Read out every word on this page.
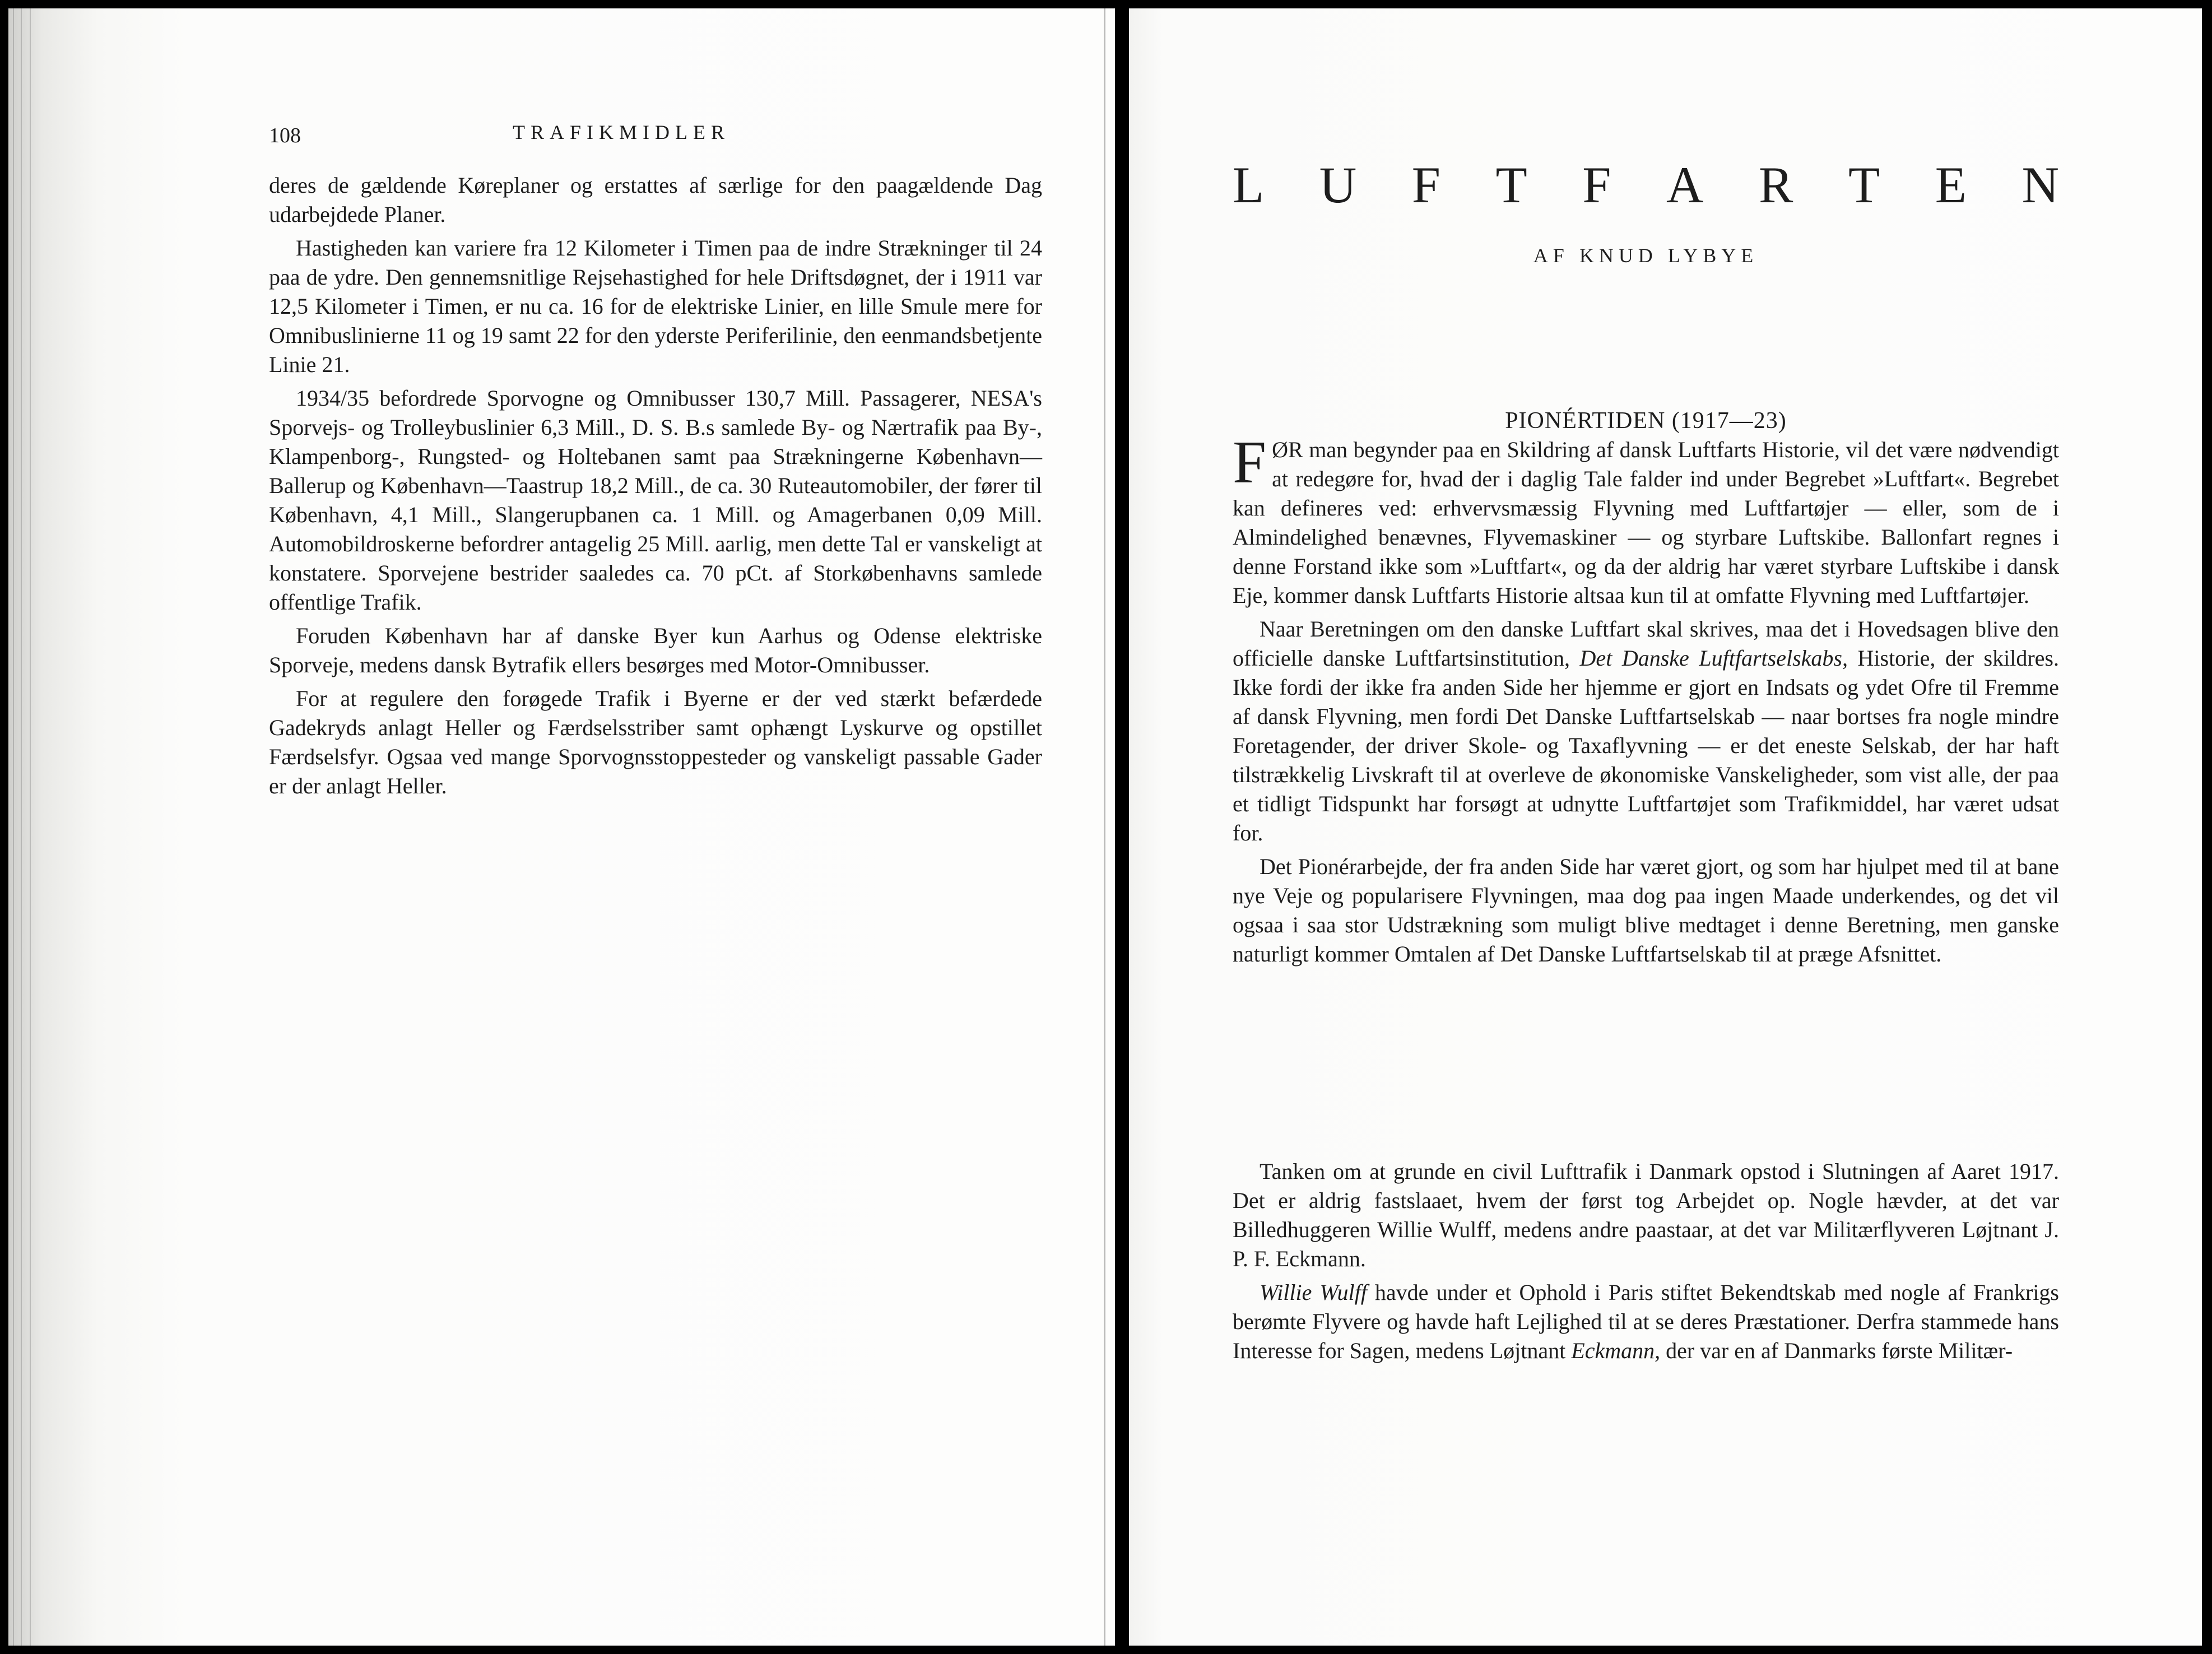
108	TRAFIKMIDLER

deres de gældende Køreplaner og erstattes af særlige for den paagældende Dag udarbejdede Planer.

Hastigheden kan variere fra 12 Kilometer i Timen paa de indre Strækninger til 24 paa de ydre. Den gennemsnitlige Rejsehastighed for hele Driftsdøgnet, der i 1911 var 12,5 Kilometer i Timen, er nu ca. 16 for de elektriske Linier, en lille Smule mere for Omnibuslinierne 11 og 19 samt 22 for den yderste Periferilinie, den eenmandsbetjente Linie 21.

1934/35 befordrede Sporvogne og Omnibusser 130,7 Mill. Passagerer, NESA's Sporvejs- og Trolleybuslinier 6,3 Mill., D. S. B.s samlede By- og Nærtrafik paa By-, Klampenborg-, Rungsted- og Holtebanen samt paa Strækningerne København—Ballerup og København—Taastrup 18,2 Mill., de ca. 30 Ruteautomobiler, der fører til København, 4,1 Mill., Slangerupbanen ca. 1 Mill. og Amagerbanen 0,09 Mill. Automobildroskerne befordrer antagelig 25 Mill. aarlig, men dette Tal er vanskeligt at konstatere. Sporvejene bestrider saaledes ca. 70 pCt. af Storkøbenhavns samlede offentlige Trafik.

Foruden København har af danske Byer kun Aarhus og Odense elektriske Sporveje, medens dansk Bytrafik ellers besørges med Motor-Omnibusser.

For at regulere den forøgede Trafik i Byerne er der ved stærkt befærdede Gadekryds anlagt Heller og Færdselsstriber samt ophængt Lyskurve og opstillet Færdselsfyr. Ogsaa ved mange Sporvognsstoppesteder og vanskeligt passable Gader er der anlagt Heller.

L U F T F A R T E N
AF KNUD LYBYE
PIONÉRTIDEN (1917—23)

FØR man begynder paa en Skildring af dansk Luftfarts Historie, vil det være nødvendigt at redegøre for, hvad der i daglig Tale falder ind under Begrebet »Luftfart«. Begrebet kan defineres ved: erhvervsmæssig Flyvning med Luftfartøjer — eller, som de i Almindelighed benævnes, Flyvemaskiner — og styrbare Luftskibe. Ballonfart regnes i denne Forstand ikke som »Luftfart«, og da der aldrig har været styrbare Luftskibe i dansk Eje, kommer dansk Luftfarts Historie altsaa kun til at omfatte Flyvning med Luftfartøjer.

Naar Beretningen om den danske Luftfart skal skrives, maa det i Hovedsagen blive den officielle danske Luftfartsinstitution, Det Danske Luftfartselskabs, Historie, der skildres. Ikke fordi der ikke fra anden Side her hjemme er gjort en Indsats og ydet Ofre til Fremme af dansk Flyvning, men fordi Det Danske Luftfartselskab — naar bortses fra nogle mindre Foretagender, der driver Skole- og Taxaflyvning — er det eneste Selskab, der har haft tilstrækkelig Livskraft til at overleve de økonomiske Vanskeligheder, som vist alle, der paa et tidligt Tidspunkt har forsøgt at udnytte Luftfartøjet som Trafikmiddel, har været udsat for.

Det Pionérarbejde, der fra anden Side har været gjort, og som har hjulpet med til at bane nye Veje og popularisere Flyvningen, maa dog paa ingen Maade underkendes, og det vil ogsaa i saa stor Udstrækning som muligt blive medtaget i denne Beretning, men ganske naturligt kommer Omtalen af Det Danske Luftfartselskab til at præge Afsnittet.

Tanken om at grunde en civil Lufttrafik i Danmark opstod i Slutningen af Aaret 1917. Det er aldrig fastslaaet, hvem der først tog Arbejdet op. Nogle hævder, at det var Billedhuggeren Willie Wulff, medens andre paastaar, at det var Militærflyveren Løjtnant J. P. F. Eckmann.

Willie Wulff havde under et Ophold i Paris stiftet Bekendtskab med nogle af Frankrigs berømte Flyvere og havde haft Lejlighed til at se deres Præstationer. Derfra stammede hans Interesse for Sagen, medens Løjtnant Eckmann, der var en af Danmarks første Militær-
